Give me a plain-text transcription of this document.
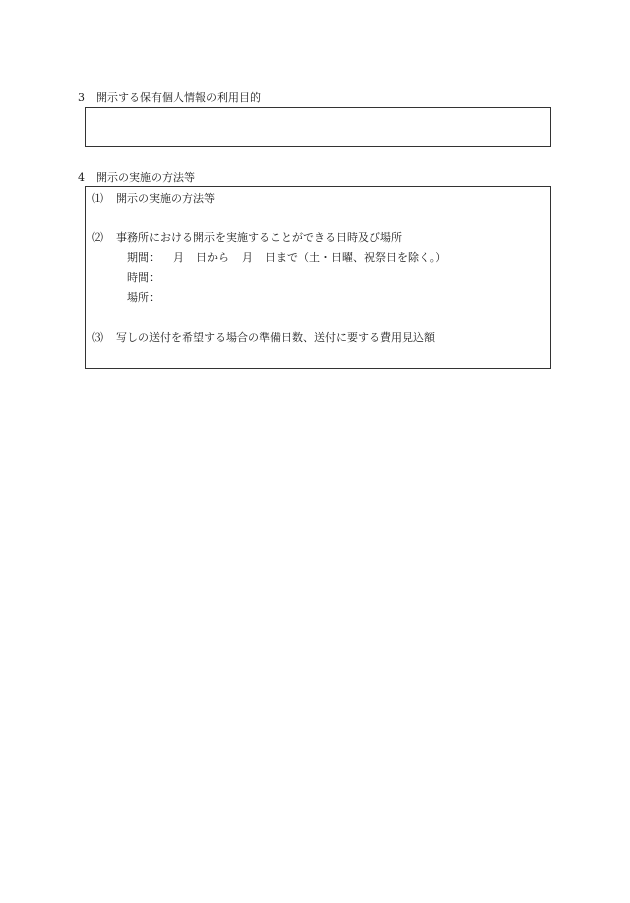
3 開示する保有個人情報の利用目的
4 開示の実施の方法等
⑴ 開示の実施の方法等
⑵ 事務所における開示を実施することができる日時及び場所
期間： 月 日から 月 日まで（土・日曜、祝祭日を除く。）
時間：
場所：
⑶ 写しの送付を希望する場合の準備日数、送付に要する費用見込額
